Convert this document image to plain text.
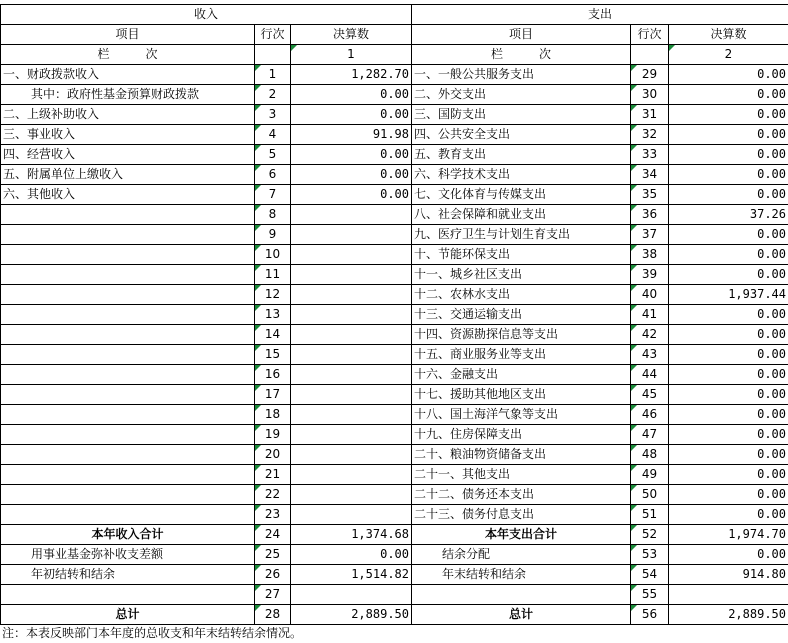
收入			支出		
项目	行次	决算数	项目	行次	决算数
栏　　　次		1	栏　　　次		2
一、财政拨款收入	1	1,282.70	一、一般公共服务支出	29	0.00
其中：政府性基金预算财政拨款	2	0.00	二、外交支出	30	0.00
二、上级补助收入	3	0.00	三、国防支出	31	0.00
三、事业收入	4	91.98	四、公共安全支出	32	0.00
四、经营收入	5	0.00	五、教育支出	33	0.00
五、附属单位上缴收入	6	0.00	六、科学技术支出	34	0.00
六、其他收入	7	0.00	七、文化体育与传媒支出	35	0.00
	8		八、社会保障和就业支出	36	37.26
	9		九、医疗卫生与计划生育支出	37	0.00
	10		十、节能环保支出	38	0.00
	11		十一、城乡社区支出	39	0.00
	12		十二、农林水支出	40	1,937.44
	13		十三、交通运输支出	41	0.00
	14		十四、资源勘探信息等支出	42	0.00
	15		十五、商业服务业等支出	43	0.00
	16		十六、金融支出	44	0.00
	17		十七、援助其他地区支出	45	0.00
	18		十八、国土海洋气象等支出	46	0.00
	19		十九、住房保障支出	47	0.00
	20		二十、粮油物资储备支出	48	0.00
	21		二十一、其他支出	49	0.00
	22		二十二、债务还本支出	50	0.00
	23		二十三、债务付息支出	51	0.00
本年收入合计	24	1,374.68	本年支出合计	52	1,974.70
用事业基金弥补收支差额	25	0.00	结余分配	53	0.00
年初结转和结余	26	1,514.82	年末结转和结余	54	914.80
	27			55	
总计	28	2,889.50	总计	56	2,889.50
注：本表反映部门本年度的总收支和年末结转结余情况。
